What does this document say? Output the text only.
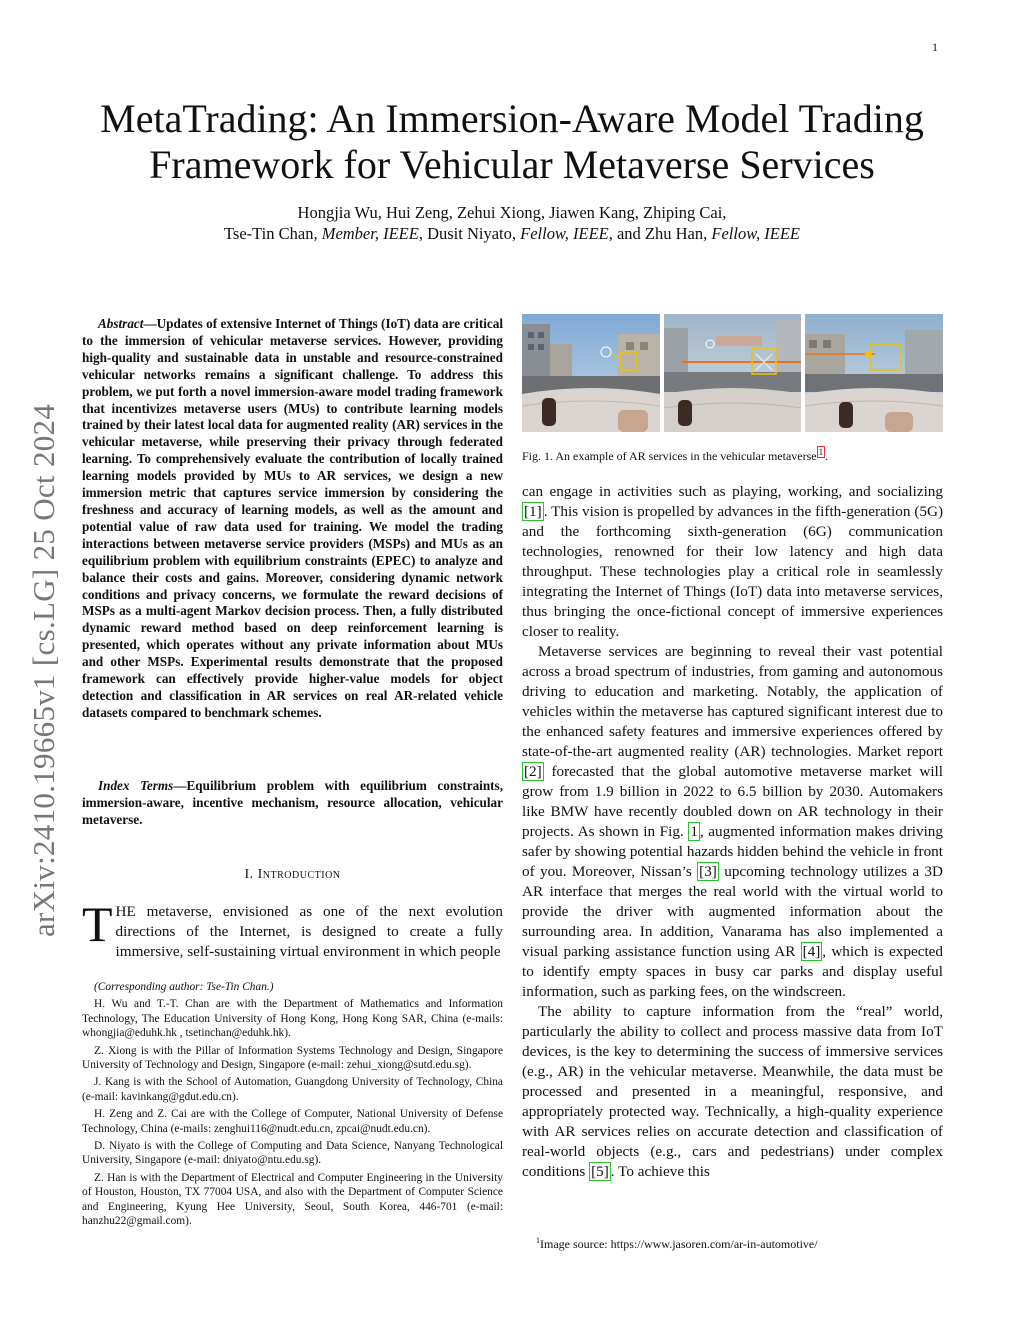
1
arXiv:2410.19665v1 [cs.LG] 25 Oct 2024
MetaTrading: An Immersion-Aware Model Trading
Framework for Vehicular Metaverse Services
Hongjia Wu, Hui Zeng, Zehui Xiong, Jiawen Kang, Zhiping Cai,
Tse-Tin Chan, Member, IEEE, Dusit Niyato, Fellow, IEEE, and Zhu Han, Fellow, IEEE

Abstract—Updates of extensive Internet of Things (IoT) data are critical to the immersion of vehicular metaverse services. However, providing high-quality and sustainable data in unstable and resource-constrained vehicular networks remains a significant challenge. To address this problem, we put forth a novel immersion-aware model trading framework that incentivizes metaverse users (MUs) to contribute learning models trained by their latest local data for augmented reality (AR) services in the vehicular metaverse, while preserving their privacy through federated learning. To comprehensively evaluate the contribution of locally trained learning models provided by MUs to AR services, we design a new immersion metric that captures service immersion by considering the freshness and accuracy of learning models, as well as the amount and potential value of raw data used for training. We model the trading interactions between metaverse service providers (MSPs) and MUs as an equilibrium problem with equilibrium constraints (EPEC) to analyze and balance their costs and gains. Moreover, considering dynamic network conditions and privacy concerns, we formulate the reward decisions of MSPs as a multi-agent Markov decision process. Then, a fully distributed dynamic reward method based on deep reinforcement learning is presented, which operates without any private information about MUs and other MSPs. Experimental results demonstrate that the proposed framework can effectively provide higher-value models for object detection and classification in AR services on real AR-related vehicle datasets compared to benchmark schemes.

Index Terms—Equilibrium problem with equilibrium constraints, immersion-aware, incentive mechanism, resource allocation, vehicular metaverse.

I. Introduction

THE metaverse, envisioned as one of the next evolution directions of the Internet, is designed to create a fully immersive, self-sustaining virtual environment in which people

(Corresponding author: Tse-Tin Chan.)

H. Wu and T.-T. Chan are with the Department of Mathematics and Information Technology, The Education University of Hong Kong, Hong Kong SAR, China (e-mails: whongjia@eduhk.hk , tsetinchan@eduhk.hk).

Z. Xiong is with the Pillar of Information Systems Technology and Design, Singapore University of Technology and Design, Singapore (e-mail: zehui_xiong@sutd.edu.sg).

J. Kang is with the School of Automation, Guangdong University of Technology, China (e-mail: kavinkang@gdut.edu.cn).

H. Zeng and Z. Cai are with the College of Computer, National University of Defense Technology, China (e-mails: zenghui116@nudt.edu.cn, zpcai@nudt.edu.cn).

D. Niyato is with the College of Computing and Data Science, Nanyang Technological University, Singapore (e-mail: dniyato@ntu.edu.sg).

Z. Han is with the Department of Electrical and Computer Engineering in the University of Houston, Houston, TX 77004 USA, and also with the Department of Computer Science and Engineering, Kyung Hee University, Seoul, South Korea, 446-701 (e-mail: hanzhu22@gmail.com).

Fig. 1. An example of AR services in the vehicular metaverse $^1$ .

can engage in activities such as playing, working, and socializing [1] . This vision is propelled by advances in the fifth-generation (5G) and the forthcoming sixth-generation (6G) communication technologies, renowned for their low latency and high data throughput. These technologies play a critical role in seamlessly integrating the Internet of Things (IoT) data into metaverse services, thus bringing the once-fictional concept of immersive experiences closer to reality.

Metaverse services are beginning to reveal their vast potential across a broad spectrum of industries, from gaming and autonomous driving to education and marketing. Notably, the application of vehicles within the metaverse has captured significant interest due to the enhanced safety features and immersive experiences offered by state-of-the-art augmented reality (AR) technologies. Market report [2] forecasted that the global automotive metaverse market will grow from 1.9 billion in 2022 to 6.5 billion by 2030. Automakers like BMW have recently doubled down on AR technology in their projects. As shown in Fig. 1 , augmented information makes driving safer by showing potential hazards hidden behind the vehicle in front of you. Moreover, Nissan’s [3] upcoming technology utilizes a 3D AR interface that merges the real world with the virtual world to provide the driver with augmented information about the surrounding area. In addition, Vanarama has also implemented a visual parking assistance function using AR [4] , which is expected to identify empty spaces in busy car parks and display useful information, such as parking fees, on the windscreen.

The ability to capture information from the “real” world, particularly the ability to collect and process massive data from IoT devices, is the key to determining the success of immersive services (e.g., AR) in the vehicular metaverse. Meanwhile, the data must be processed and presented in a meaningful, responsive, and appropriately protected way. Technically, a high-quality experience with AR services relies on accurate detection and classification of real-world objects (e.g., cars and pedestrians) under complex conditions [5] . To achieve this

$^1$Image source: https://www.jasoren.com/ar-in-automotive/
